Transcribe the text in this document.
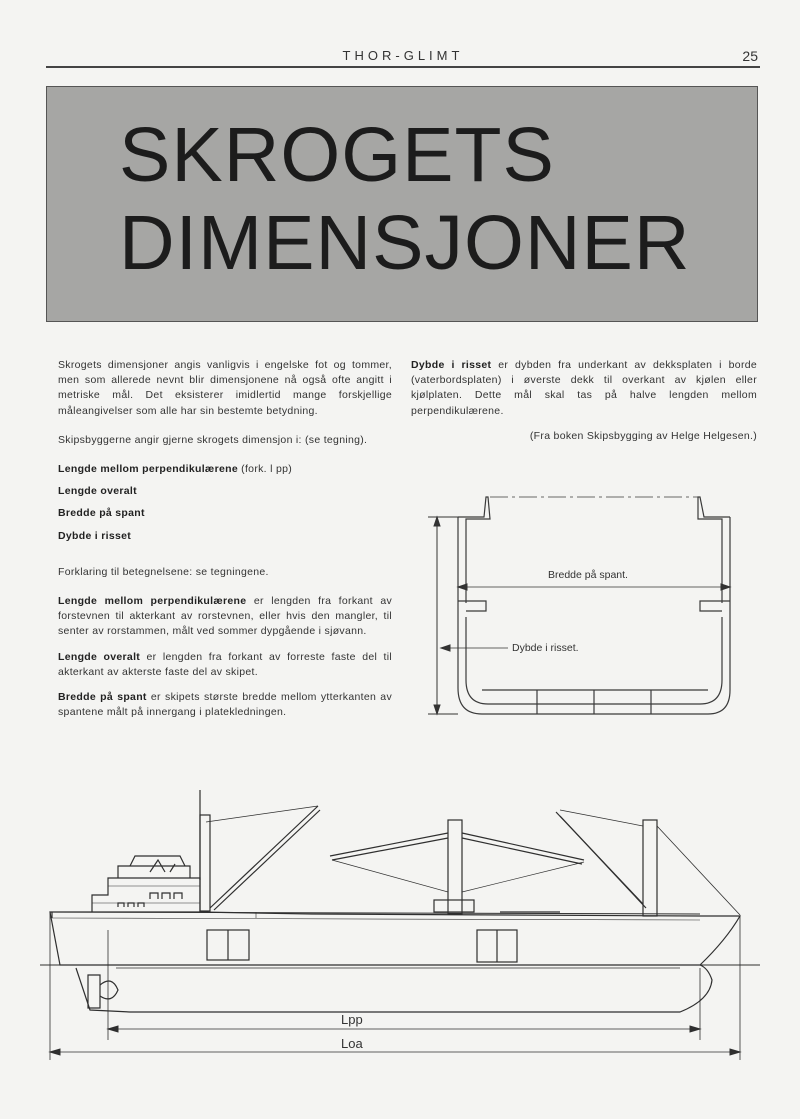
THOR-GLIMT	25
SKROGETS
DIMENSJONER

Skrogets dimensjoner angis vanligvis i engelske fot og tommer, men som allerede nevnt blir dimensjonene nå også ofte angitt i metriske mål. Det eksisterer imidlertid mange forskjellige måleangivelser som alle har sin bestemte betydning.

Skipsbyggerne angir gjerne skrogets dimensjon i: (se tegning).

Lengde mellom perpendikulærene (fork. l pp)
Lengde overalt
Bredde på spant
Dybde i risset

Forklaring til betegnelsene: se tegningene.

Lengde mellom perpendikulærene er lengden fra forkant av forstevnen til akterkant av rorstevnen, eller hvis den mangler, til senter av rorstammen, målt ved sommer dypgående i sjøvann.

Lengde overalt er lengden fra forkant av forreste faste del til akterkant av akterste faste del av skipet.

Bredde på spant er skipets største bredde mellom ytterkanten av spantene målt på innergang i platekledningen.

Dybde i risset er dybden fra underkant av dekksplaten i borde (vaterbordsplaten) i øverste dekk til overkant av kjølen eller kjølplaten. Dette mål skal tas på halve lengden mellom perpendikulærene.

(Fra boken Skipsbygging av Helge Helgesen.)

Bredde på spant.
Dybde i risset.
Lpp
Loa
